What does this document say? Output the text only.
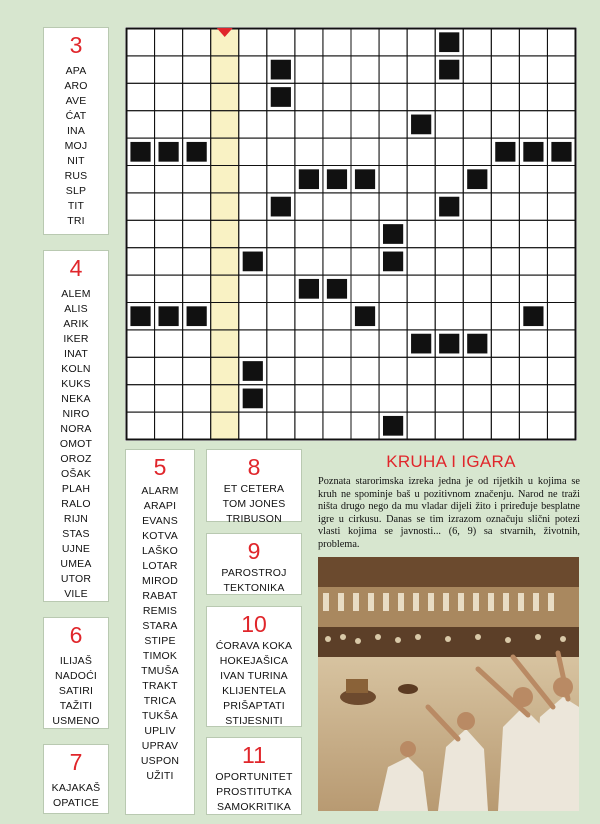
3
APA
ARO
AVE
ĆAT
INA
MOJ
NIT
RUS
SLP
TIT
TRI
4
ALEM
ALIS
ARIK
IKER
INAT
KOLN
KUKS
NEKA
NIRO
NORA
OMOT
OROZ
OŠAK
PLAH
RALO
RIJN
STAS
UJNE
UMEA
UTOR
VILE
6
ILIJAŠ
NADOĆI
SATIRI
TAŽITI
USMENO
7
KAJAKAŠ
OPATICE
5
ALARM
ARAPI
EVANS
KOTVA
LAŠKO
LOTAR
MIROD
RABAT
REMIS
STARA
STIPE
TIMOK
TMUŠA
TRAKT
TRICA
TUKŠA
UPLIV
UPRAV
USPON
UŽITI
8
ET CETERA
TOM JONES
TRIBUSON
9
PAROSTROJ
TEKTONIKA
10
ĆORAVA KOKA
HOKEJAŠICA
IVAN TURINA
KLIJENTELA
PRIŠAPTATI
STIJESNITI
11
OPORTUNITET
PROSTITUTKA
SAMOKRITIKA
KRUHA I IGARA
Poznata starorimska izreka jedna je od rijetkih u kojima se kruh ne spominje baš u pozitivnom značenju. Narod ne traži ništa drugo nego da mu vladar dijeli žito i priređuje besplatne igre u cirkusu. Danas se tim izrazom označuju slični potezi vlasti kojima se javnosti... (6, 9) sa stvarnih, životnih, problema.
